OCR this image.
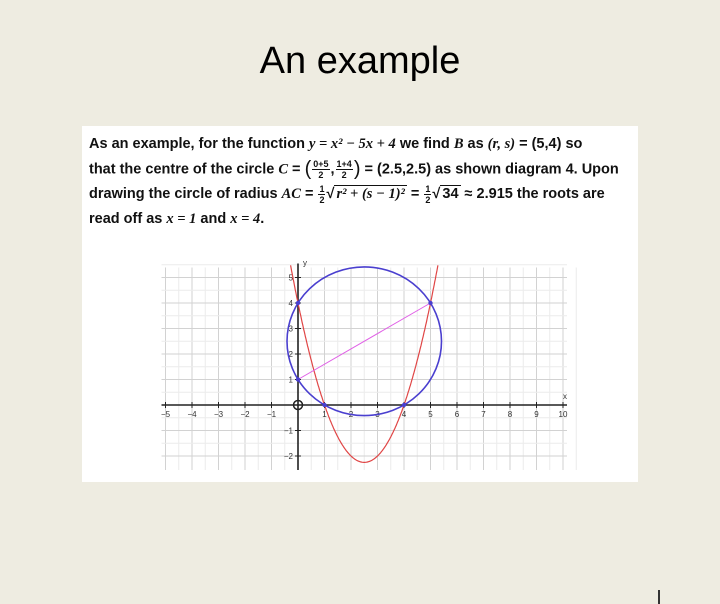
An example
As an example, for the function y = x² − 5x + 4 we find B as (r, s) = (5,4) so
that the centre of the circle C = ( $\frac{0+5}{2}$ , $\frac{1+4}{2}$ ) = (2.5,2.5) as shown diagram 4. Upon
drawing the circle of radius AC = $\frac{1}{2}$ √ $r^2 + (s - 1)^2 = \frac{1}{2}$ √ 34 ≈ 2.915 the roots are
read off as x = 1 and x = 4.
−5 −4 −3 −2 −1	1	2	3	4	5	6	7	8	9 10
−2
−1
1
2
3
4
5
x
y
